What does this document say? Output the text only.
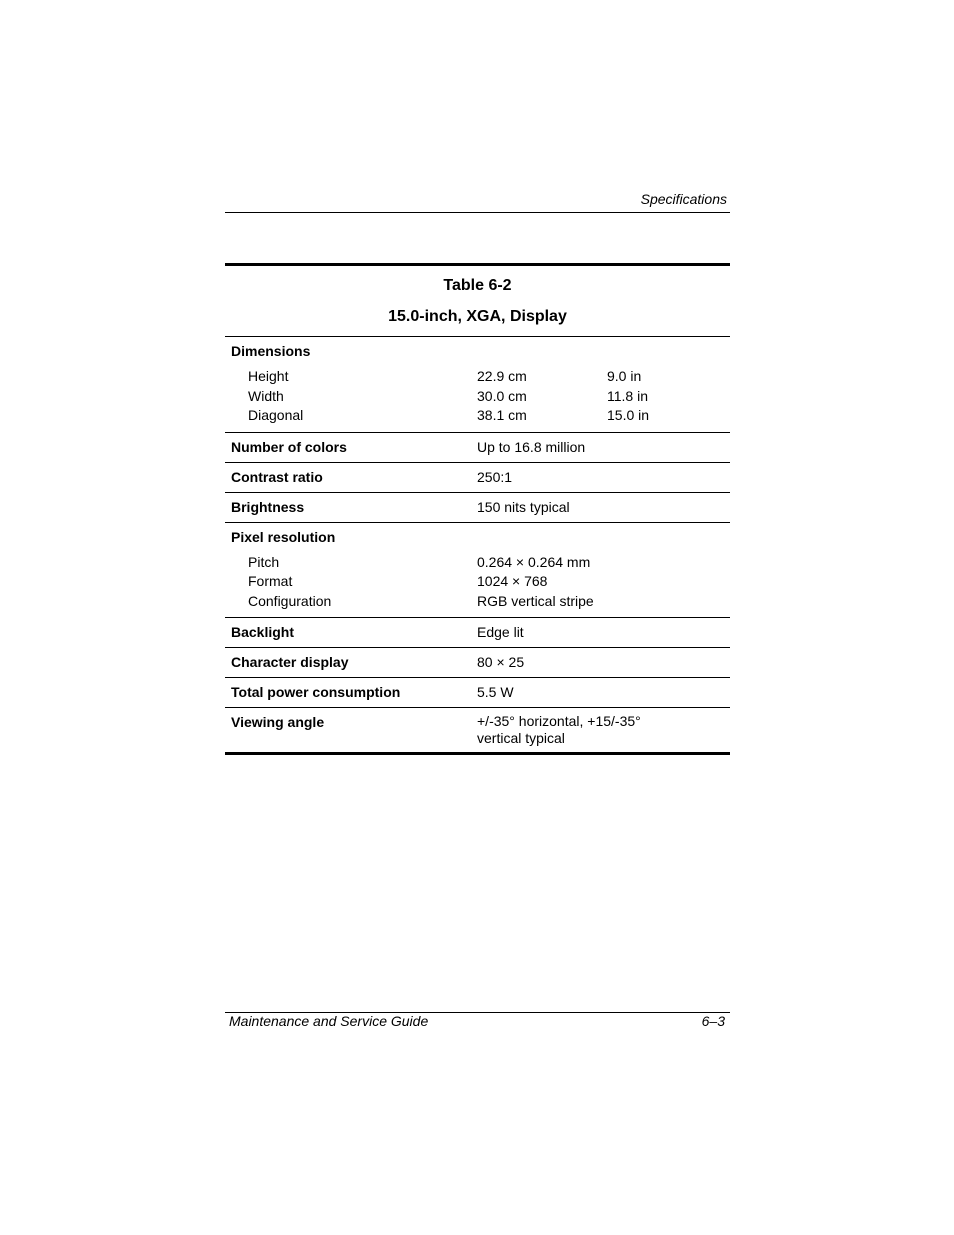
Specifications
Table 6-2
15.0-inch, XGA, Display
Dimensions
Height	22.9 cm	9.0 in
Width	30.0 cm	11.8 in
Diagonal	38.1 cm	15.0 in
Number of colors	Up to 16.8 million
Contrast ratio	250:1
Brightness	150 nits typical
Pixel resolution
Pitch	0.264 × 0.264 mm
Format	1024 × 768
Configuration	RGB vertical stripe
Backlight	Edge lit
Character display	80 × 25
Total power consumption	5.5 W
Viewing angle	+/-35° horizontal, +15/-35°
vertical typical
Maintenance and Service Guide	6–3
